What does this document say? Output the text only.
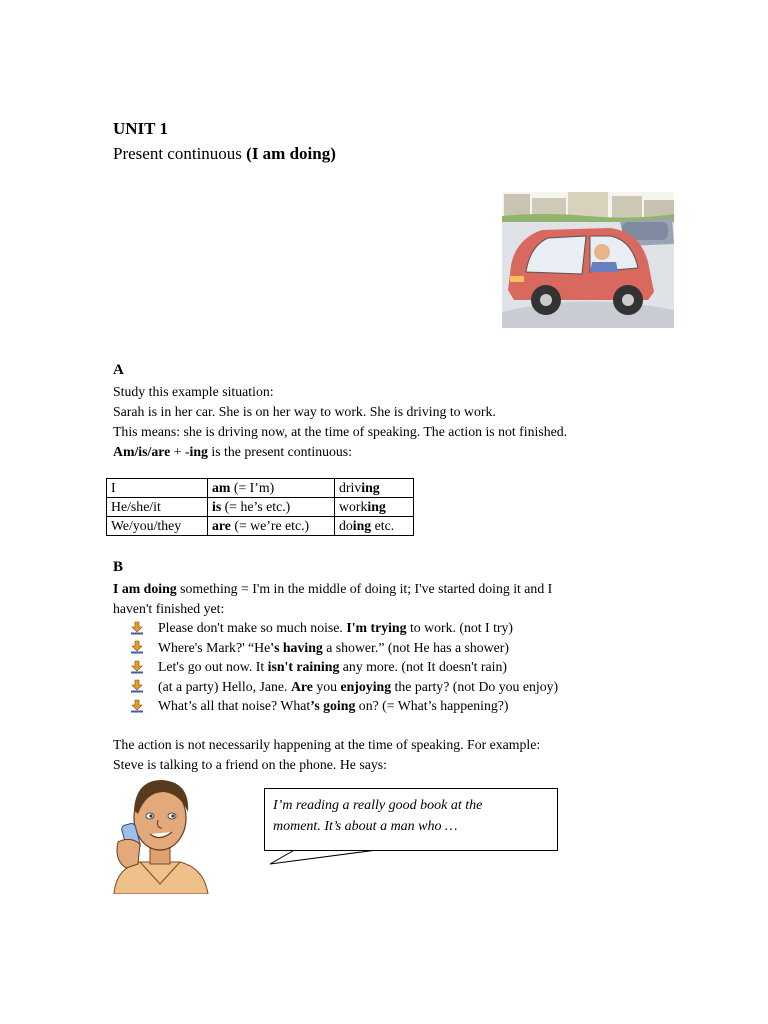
UNIT 1
Present continuous (I am doing)
A
Study this example situation:
Sarah is in her car. She is on her way to work. She is driving to work.
This means: she is driving now, at the time of speaking. The action is not finished.
Am/is/are + -ing is the present continuous:
I	am (= I’m)	driving
He/she/it	is (= he’s etc.)	working
We/you/they	are (= we’re etc.)	doing etc.
B
I am doing something = I'm in the middle of doing it; I've started doing it and I
haven't finished yet:
Please don't make so much noise. I'm trying to work. (not I try)
Where's Mark?' “He's having a shower.” (not He has a shower)
Let's go out now. It isn't raining any more. (not It doesn't rain)
(at a party) Hello, Jane. Are you enjoying the party? (not Do you enjoy)
What’s all that noise? What’s going on? (= What’s happening?)
The action is not necessarily happening at the time of speaking. For example:
Steve is talking to a friend on the phone. He says:
I’m reading a really good book at the
moment. It’s about a man who …
